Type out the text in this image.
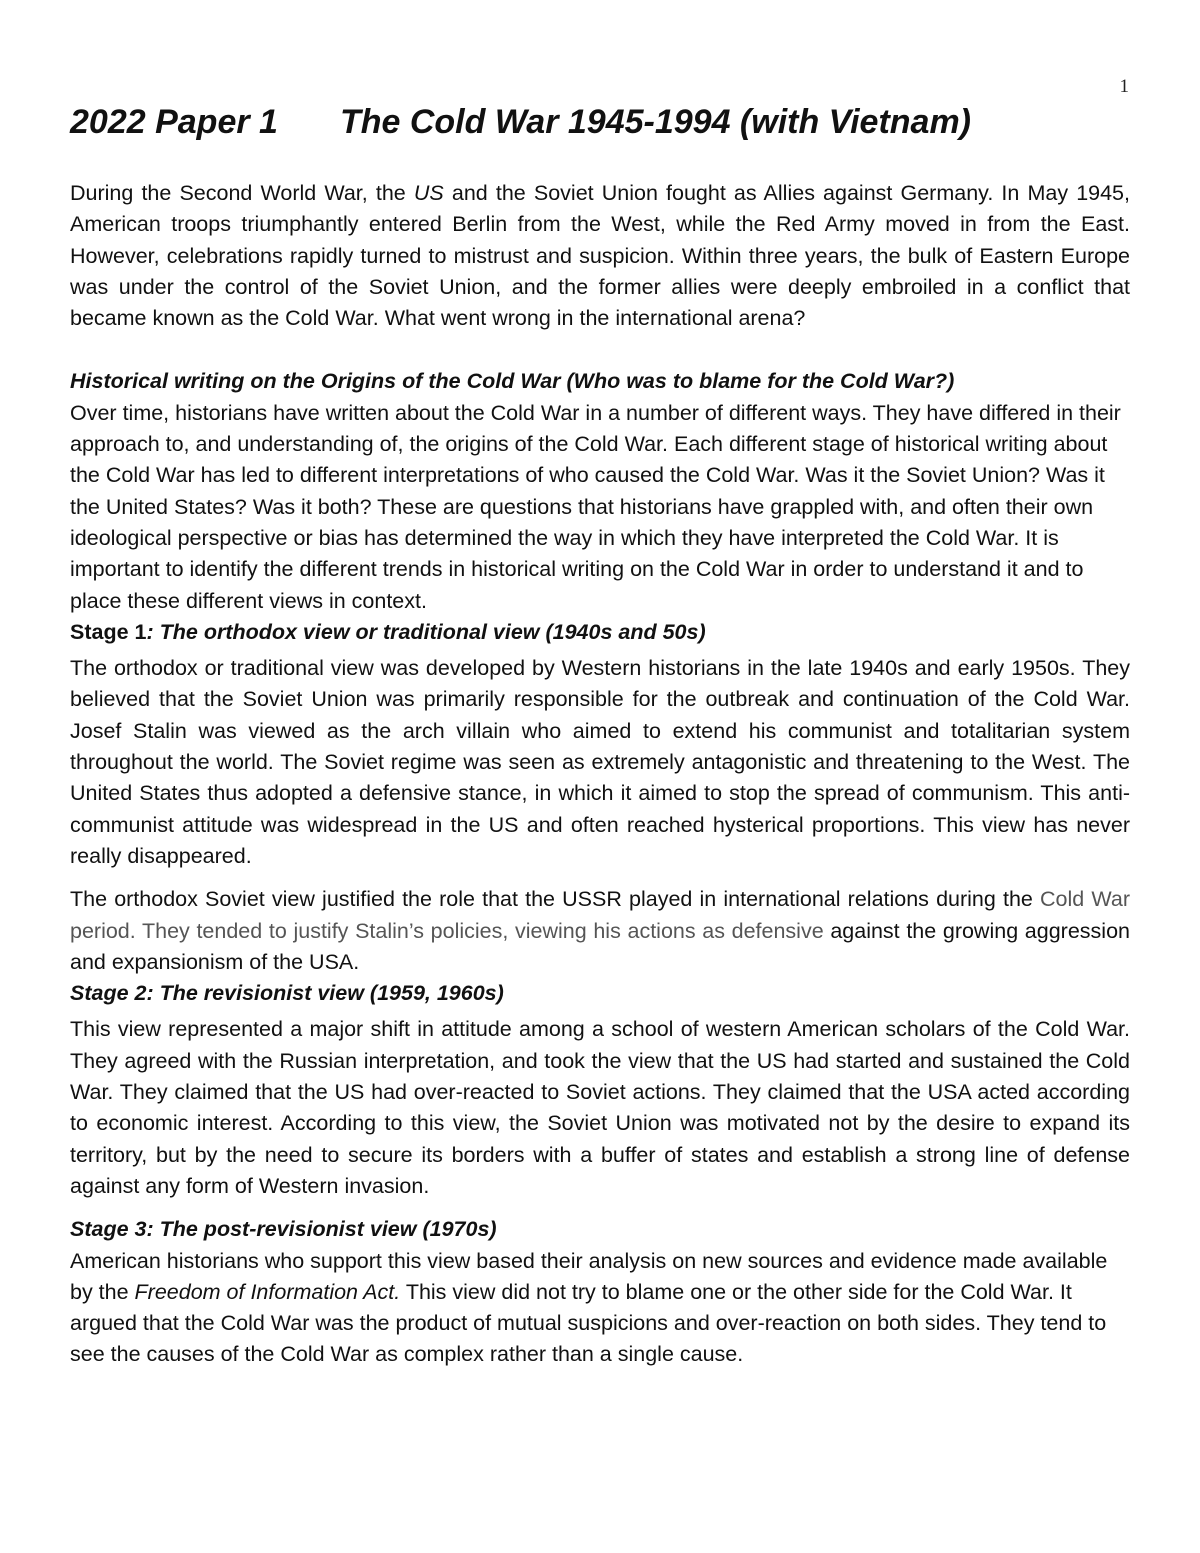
1
2022 Paper 1 The Cold War 1945-1994 (with Vietnam)

During the Second World War, the US and the Soviet Union fought as Allies against Germany. In May 1945, American troops triumphantly entered Berlin from the West, while the Red Army moved in from the East. However, celebrations rapidly turned to mistrust and suspicion. Within three years, the bulk of Eastern Europe was under the control of the Soviet Union, and the former allies were deeply embroiled in a conflict that became known as the Cold War. What went wrong in the international arena?

Historical writing on the Origins of the Cold War (Who was to blame for the Cold War?)

Over time, historians have written about the Cold War in a number of different ways. They have differed in their approach to, and understanding of, the origins of the Cold War. Each different stage of historical writing about the Cold War has led to different interpretations of who caused the Cold War. Was it the Soviet Union? Was it the United States? Was it both? These are questions that historians have grappled with, and often their own ideological perspective or bias has determined the way in which they have interpreted the Cold War. It is important to identify the different trends in historical writing on the Cold War in order to understand it and to place these different views in context.

Stage 1: The orthodox view or traditional view (1940s and 50s)

The orthodox or traditional view was developed by Western historians in the late 1940s and early 1950s. They believed that the Soviet Union was primarily responsible for the outbreak and continuation of the Cold War. Josef Stalin was viewed as the arch villain who aimed to extend his communist and totalitarian system throughout the world. The Soviet regime was seen as extremely antagonistic and threatening to the West. The United States thus adopted a defensive stance, in which it aimed to stop the spread of communism. This anti-communist attitude was widespread in the US and often reached hysterical proportions. This view has never really disappeared.

The orthodox Soviet view justified the role that the USSR played in international relations during the Cold War period. They tended to justify Stalin’s policies, viewing his actions as defensive against the growing aggression and expansionism of the USA.

Stage 2: The revisionist view (1959, 1960s)

This view represented a major shift in attitude among a school of western American scholars of the Cold War. They agreed with the Russian interpretation, and took the view that the US had started and sustained the Cold War. They claimed that the US had over-reacted to Soviet actions. They claimed that the USA acted according to economic interest. According to this view, the Soviet Union was motivated not by the desire to expand its territory, but by the need to secure its borders with a buffer of states and establish a strong line of defense against any form of Western invasion.

Stage 3: The post-revisionist view (1970s)

American historians who support this view based their analysis on new sources and evidence made available by the Freedom of Information Act. This view did not try to blame one or the other side for the Cold War. It argued that the Cold War was the product of mutual suspicions and over-reaction on both sides. They tend to see the causes of the Cold War as complex rather than a single cause.
